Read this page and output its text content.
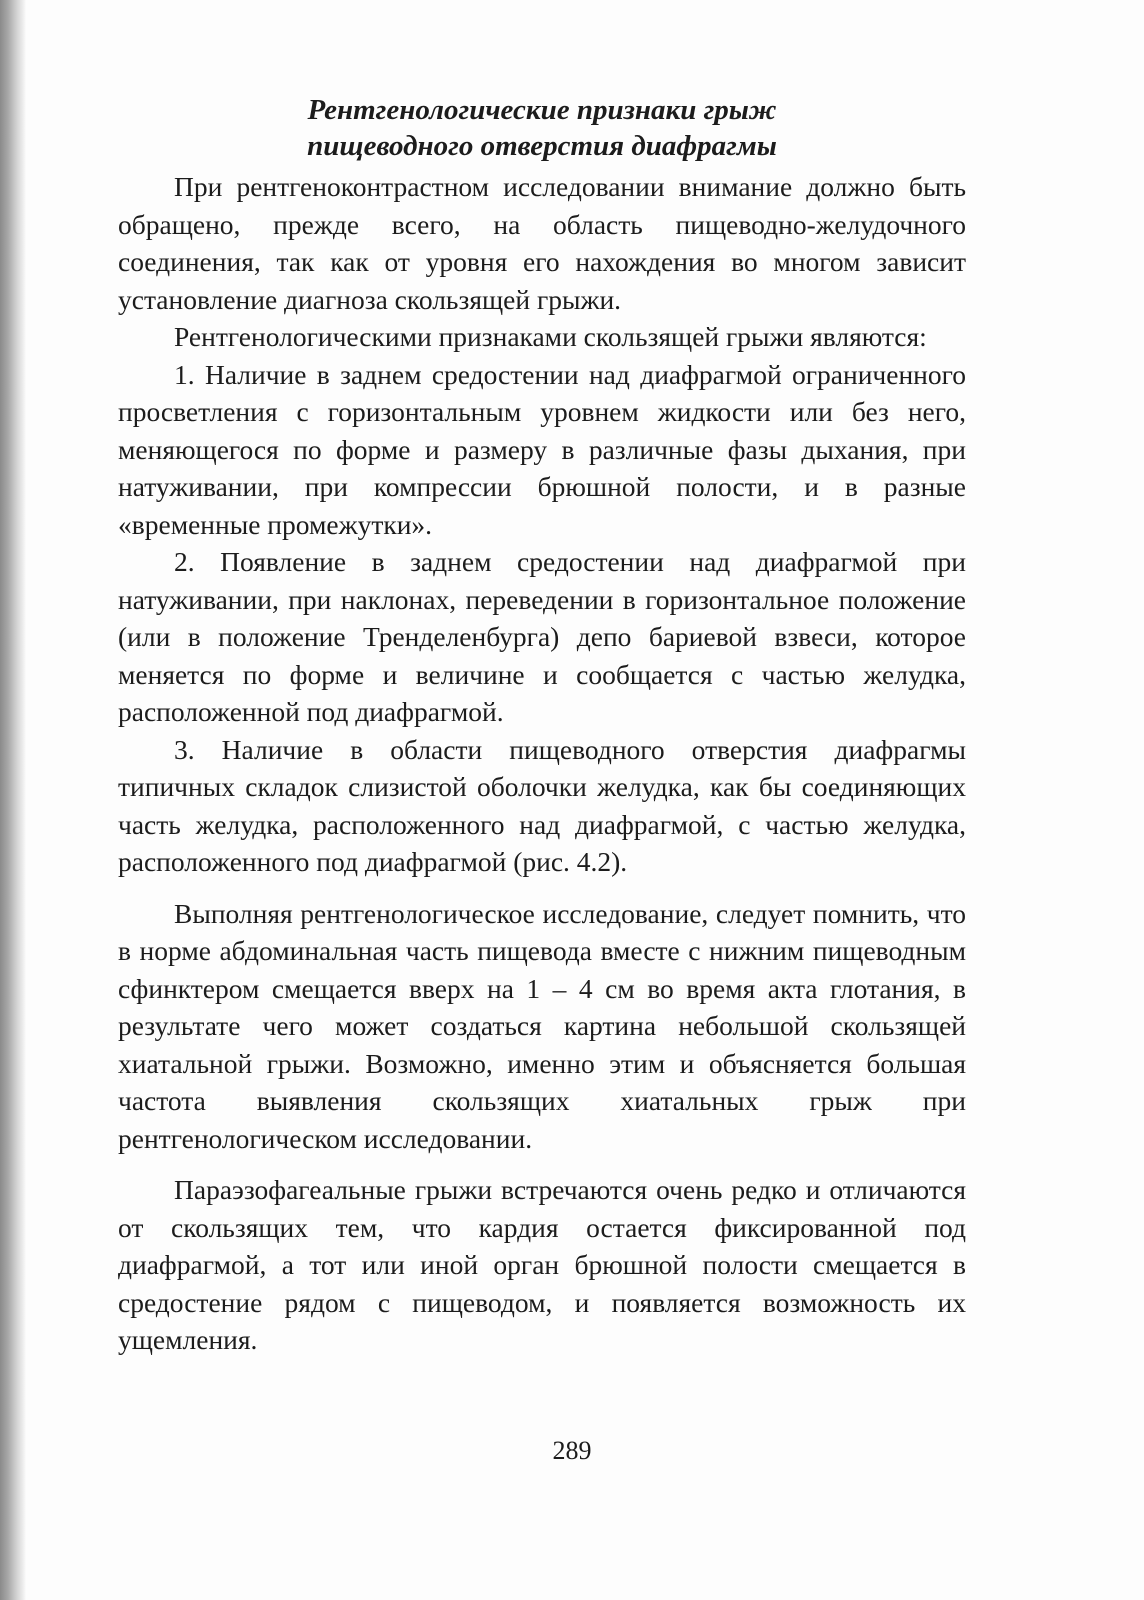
Рентгенологические признаки грыж
пищеводного отверстия диафрагмы

При рентгеноконтрастном исследовании внимание должно быть обращено, прежде всего, на область пищеводно-желудочного соединения, так как от уровня его нахождения во многом зависит установление диагноза скользящей грыжи.

Рентгенологическими признаками скользящей грыжи являются:

1. Наличие в заднем средостении над диафрагмой ограниченного просветления с горизонтальным уровнем жидкости или без него, меняющегося по форме и размеру в различные фазы дыхания, при натуживании, при компрессии брюшной полости, и в разные «временные промежутки».

2. Появление в заднем средостении над диафрагмой при натуживании, при наклонах, переведении в горизонтальное положение (или в положение Тренделенбурга) депо бариевой взвеси, которое меняется по форме и величине и сообщается с частью желудка, расположенной под диафрагмой.

3. Наличие в области пищеводного отверстия диафрагмы типичных складок слизистой оболочки желудка, как бы соединяющих часть желудка, расположенного над диафрагмой, с частью желудка, расположенного под диафрагмой (рис. 4.2).

Выполняя рентгенологическое исследование, следует помнить, что в норме абдоминальная часть пищевода вместе с нижним пищеводным сфинктером смещается вверх на 1 – 4 см во время акта глотания, в результате чего может создаться картина небольшой скользящей хиатальной грыжи. Возможно, именно этим и объясняется большая частота выявления скользящих хиатальных грыж при рентгенологическом исследовании.

Параэзофагеальные грыжи встречаются очень редко и отличаются от скользящих тем, что кардия остается фиксированной под диафрагмой, а тот или иной орган брюшной полости смещается в средостение рядом с пищеводом, и появляется возможность их ущемления.

289
